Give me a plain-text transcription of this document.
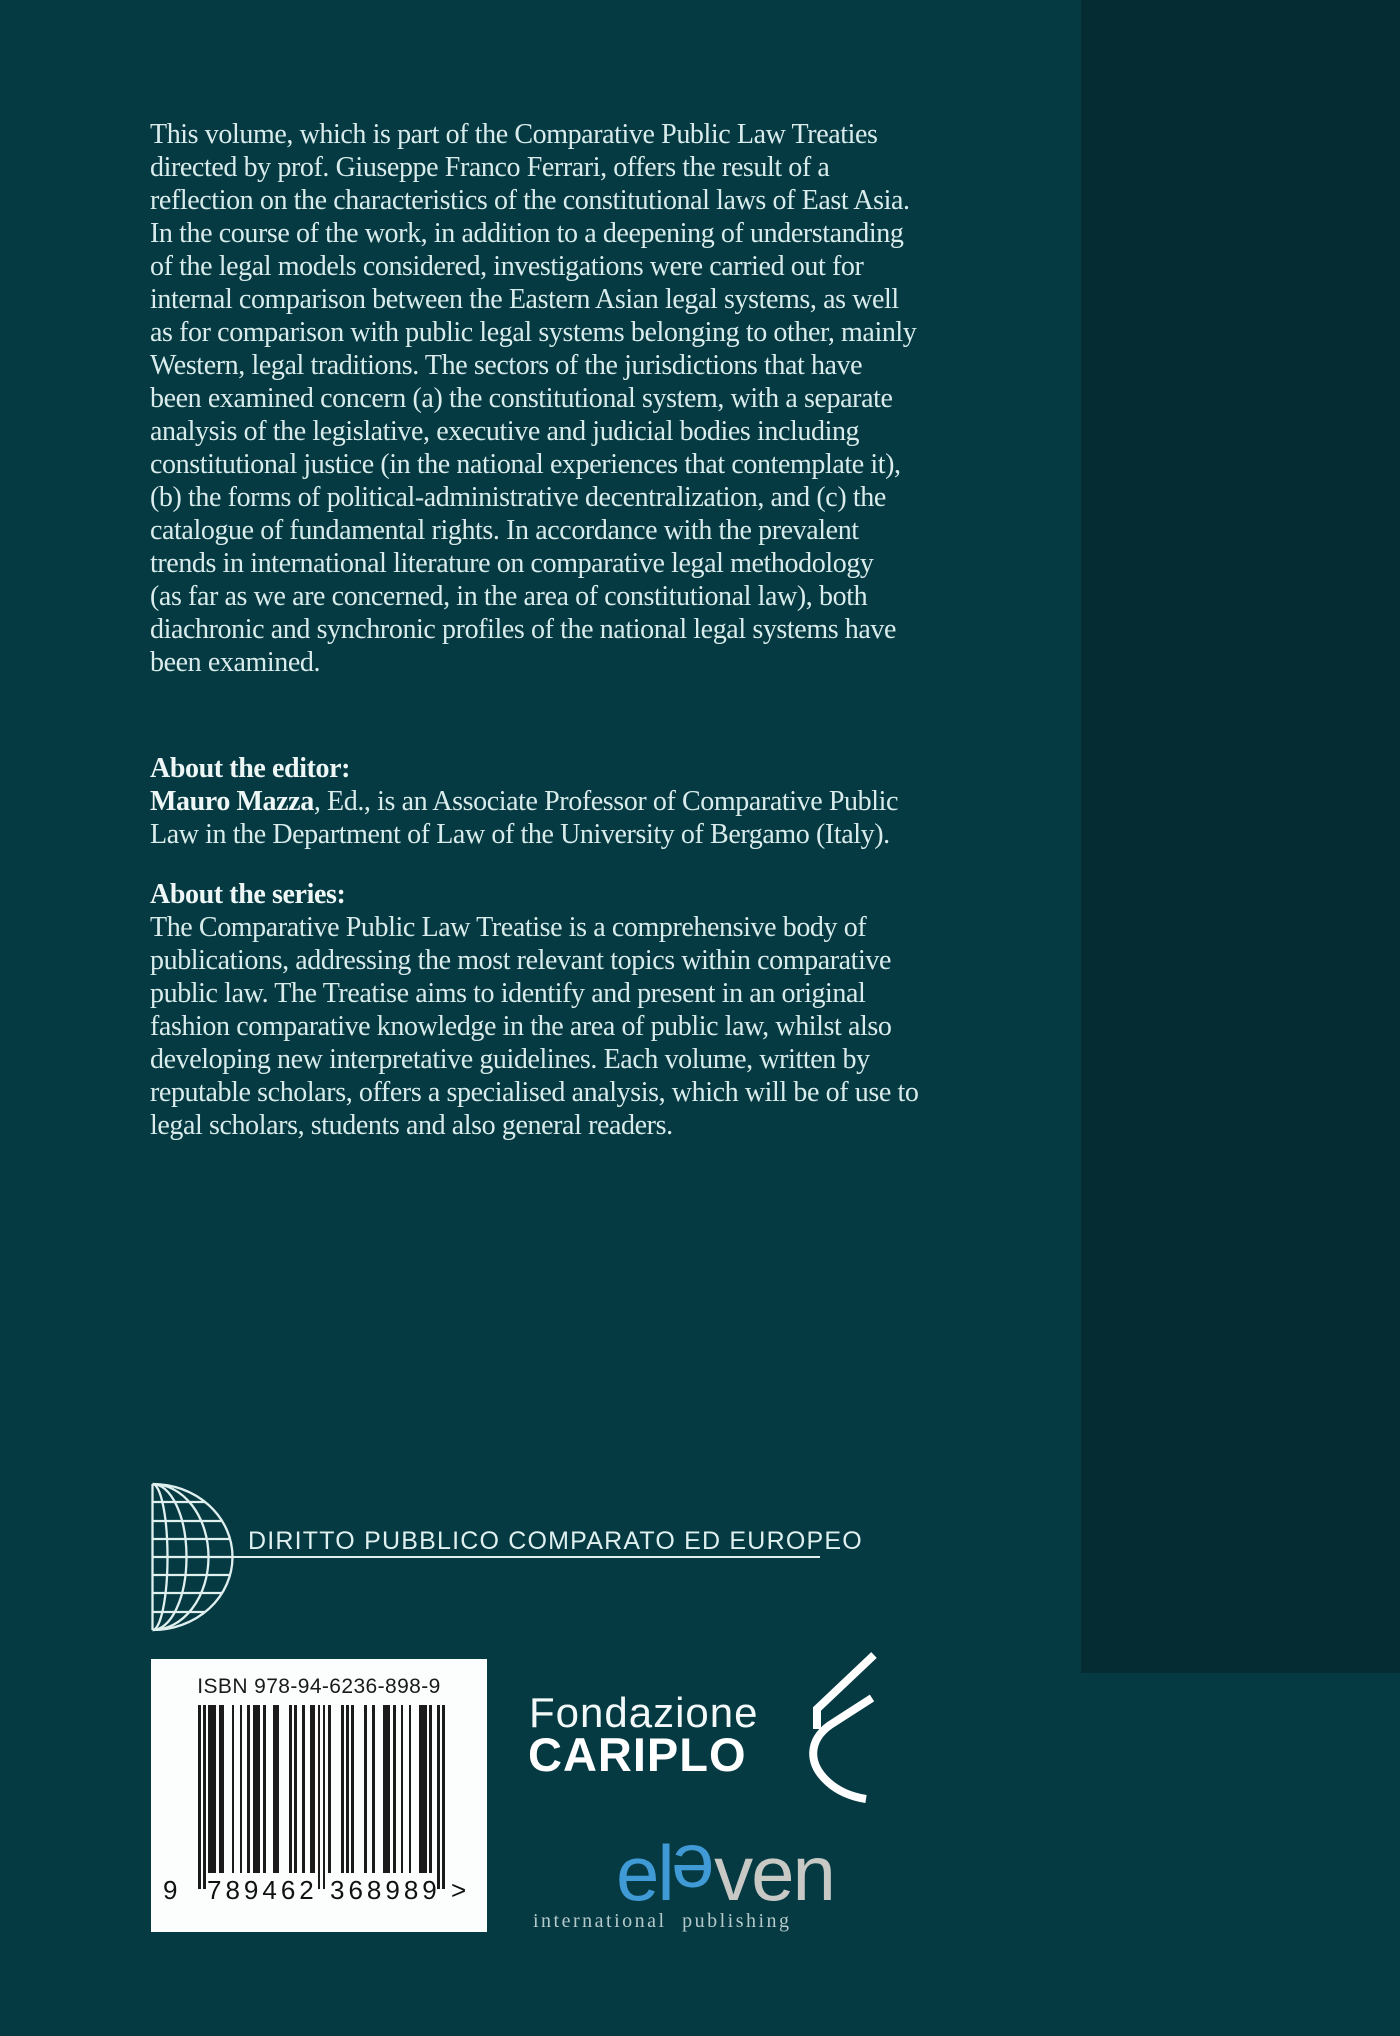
This volume, which is part of the Comparative Public Law Treaties
directed by prof. Giuseppe Franco Ferrari, offers the result of a
reflection on the characteristics of the constitutional laws of East Asia.
In the course of the work, in addition to a deepening of understanding
of the legal models considered, investigations were carried out for
internal comparison between the Eastern Asian legal systems, as well
as for comparison with public legal systems belonging to other, mainly
Western, legal traditions. The sectors of the jurisdictions that have
been examined concern (a) the constitutional system, with a separate
analysis of the legislative, executive and judicial bodies including
constitutional justice (in the national experiences that contemplate it),
(b) the forms of political-administrative decentralization, and (c) the
catalogue of fundamental rights. In accordance with the prevalent
trends in international literature on comparative legal methodology
(as far as we are concerned, in the area of constitutional law), both
diachronic and synchronic profiles of the national legal systems have
been examined.
About the editor:
Mauro Mazza, Ed., is an Associate Professor of Comparative Public
Law in the Department of Law of the University of Bergamo (Italy).
About the series:
The Comparative Public Law Treatise is a comprehensive body of
publications, addressing the most relevant topics within comparative
public law. The Treatise aims to identify and present in an original
fashion comparative knowledge in the area of public law, whilst also
developing new interpretative guidelines. Each volume, written by
reputable scholars, offers a specialised analysis, which will be of use to
legal scholars, students and also general readers.
DIRITTO PUBBLICO COMPARATO ED EUROPEO
ISBN 978-94-6236-898-9
9 789462 368989 >
Fondazione
CARIPLO
eleven
international publishing
